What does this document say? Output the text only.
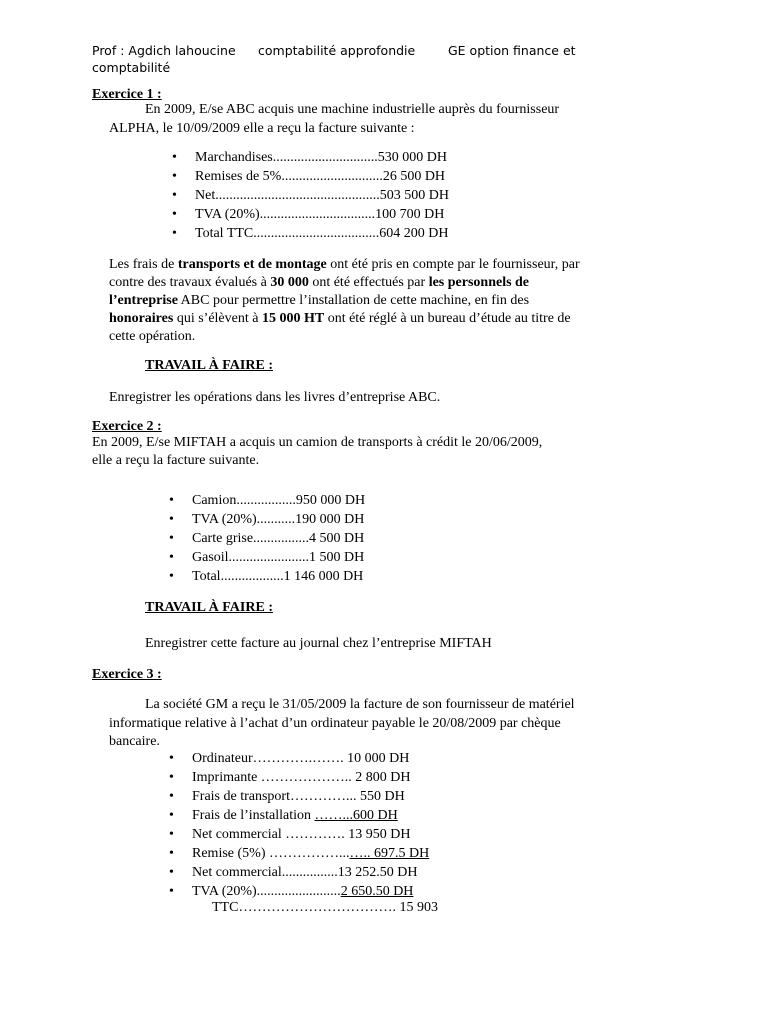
Prof : Agdich lahoucine comptabilité approfondie	GE option finance et
comptabilité
Exercice 1 :
En 2009, E/se ABC acquis une machine industrielle auprès du fournisseur
ALPHA, le 10/09/2009 elle a reçu la facture suivante :
• Marchandises..............................530 000 DH
• Remises de 5%.............................26 500 DH
• Net...............................................503 500 DH
• TVA (20%).................................100 700 DH
• Total TTC....................................604 200 DH
Les frais de transports et de montage ont été pris en compte par le fournisseur, par
contre des travaux évalués à 30 000 ont été effectués par les personnels de
l’entreprise ABC pour permettre l’installation de cette machine, en fin des
honoraires qui s’élèvent à 15 000 HT ont été réglé à un bureau d’étude au titre de
cette opération.
TRAVAIL À FAIRE :
Enregistrer les opérations dans les livres d’entreprise ABC.
Exercice 2 :
En 2009, E/se MIFTAH a acquis un camion de transports à crédit le 20/06/2009,
elle a reçu la facture suivante.
• Camion.................950 000 DH
• TVA (20%)...........190 000 DH
• Carte grise................4 500 DH
• Gasoil.......................1 500 DH
• Total..................1 146 000 DH
TRAVAIL À FAIRE :
Enregistrer cette facture au journal chez l’entreprise MIFTAH
Exercice 3 :
La société GM a reçu le 31/05/2009 la facture de son fournisseur de matériel
informatique relative à l’achat d’un ordinateur payable le 20/08/2009 par chèque
bancaire.
• Ordinateur………….……. 10 000 DH
• Imprimante ……………….. 2 800 DH
• Frais de transport…………... 550 DH
• Frais de l’installation ……...600 DH
• Net commercial …………. 13 950 DH
• Remise (5%) ……………...….. 697.5 DH
• Net commercial................13 252.50 DH
• TVA (20%)........................2 650.50 DH
TTC……………………………. 15 903
